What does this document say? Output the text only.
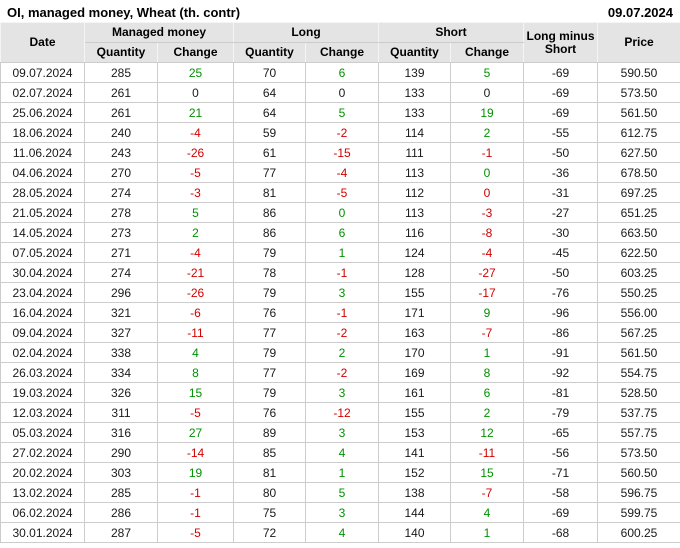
OI, managed money, Wheat (th. contr)	09.07.2024
Date	Managed money		Long		Short		Long minus Short	Price
	Quantity	Change	Quantity	Change	Quantity	Change		
09.07.2024	285	25	70	6	139	5	-69	590.50
02.07.2024	261	0	64	0	133	0	-69	573.50
25.06.2024	261	21	64	5	133	19	-69	561.50
18.06.2024	240	-4	59	-2	114	2	-55	612.75
11.06.2024	243	-26	61	-15	111	-1	-50	627.50
04.06.2024	270	-5	77	-4	113	0	-36	678.50
28.05.2024	274	-3	81	-5	112	0	-31	697.25
21.05.2024	278	5	86	0	113	-3	-27	651.25
14.05.2024	273	2	86	6	116	-8	-30	663.50
07.05.2024	271	-4	79	1	124	-4	-45	622.50
30.04.2024	274	-21	78	-1	128	-27	-50	603.25
23.04.2024	296	-26	79	3	155	-17	-76	550.25
16.04.2024	321	-6	76	-1	171	9	-96	556.00
09.04.2024	327	-11	77	-2	163	-7	-86	567.25
02.04.2024	338	4	79	2	170	1	-91	561.50
26.03.2024	334	8	77	-2	169	8	-92	554.75
19.03.2024	326	15	79	3	161	6	-81	528.50
12.03.2024	311	-5	76	-12	155	2	-79	537.75
05.03.2024	316	27	89	3	153	12	-65	557.75
27.02.2024	290	-14	85	4	141	-11	-56	573.50
20.02.2024	303	19	81	1	152	15	-71	560.50
13.02.2024	285	-1	80	5	138	-7	-58	596.75
06.02.2024	286	-1	75	3	144	4	-69	599.75
30.01.2024	287	-5	72	4	140	1	-68	600.25
